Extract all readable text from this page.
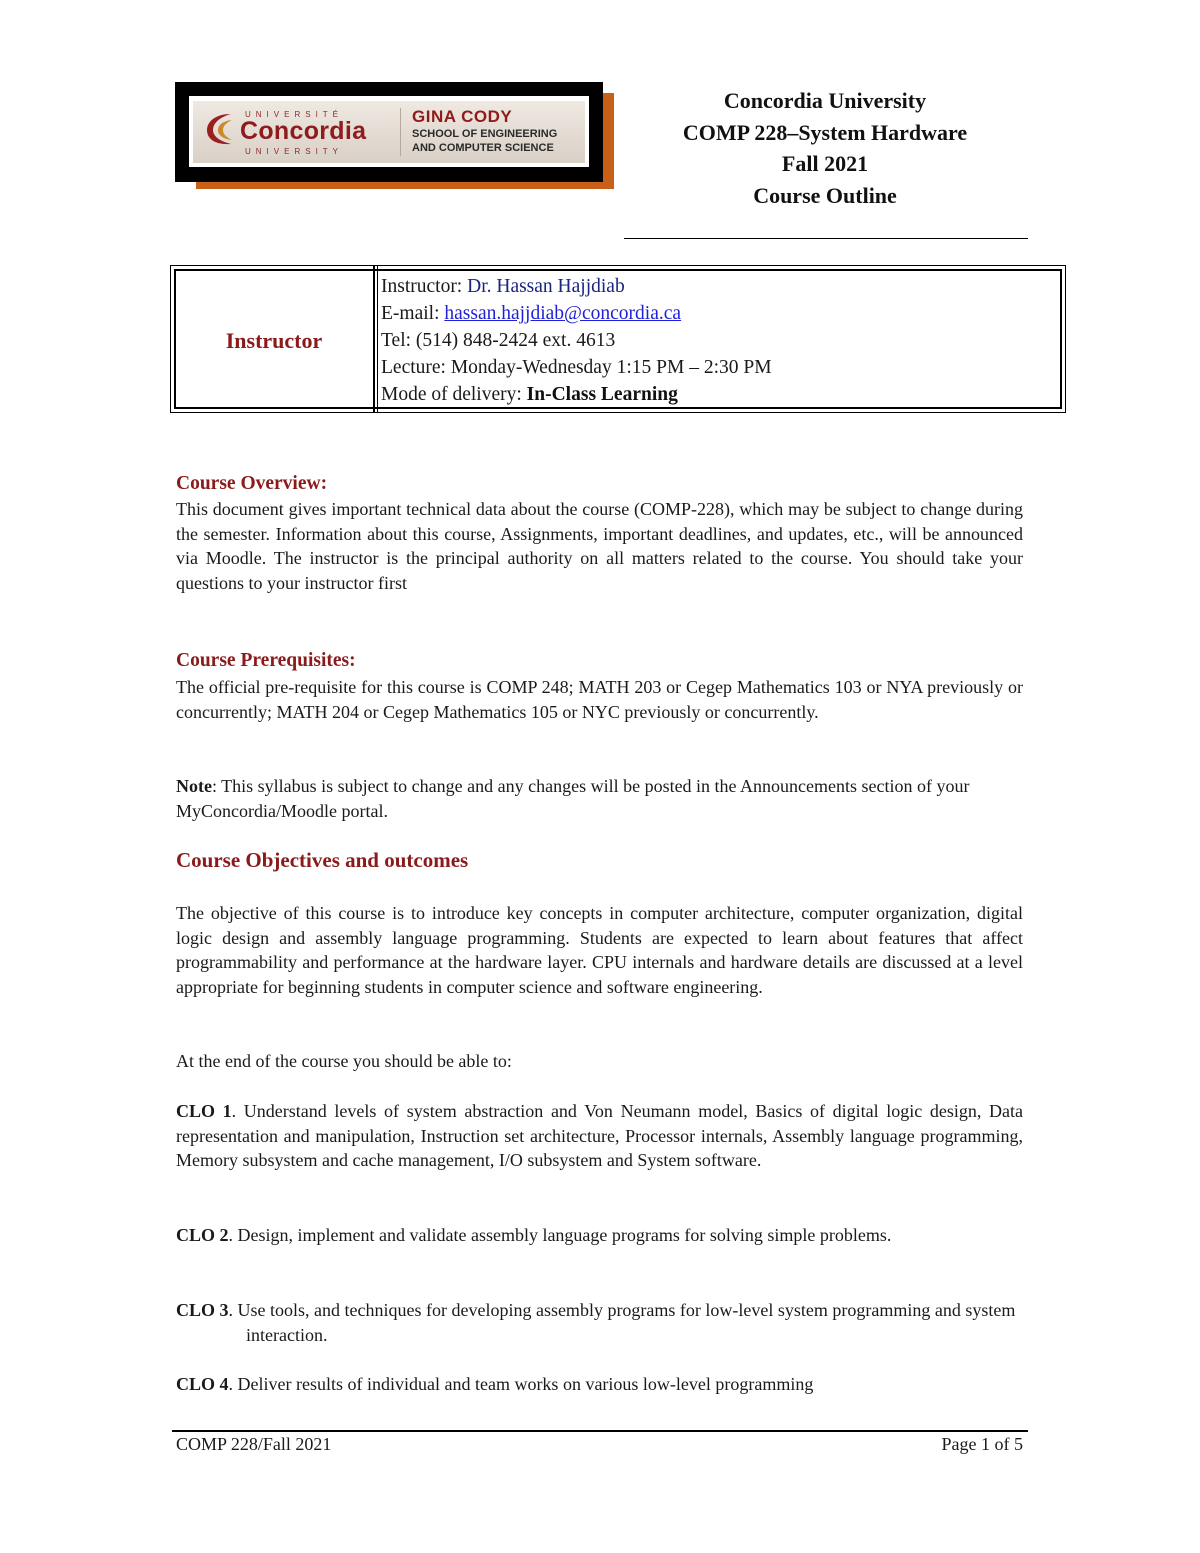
UNIVERSITÉ
Concordia
UNIVERSITY
GINA CODY
SCHOOL OF ENGINEERING
AND COMPUTER SCIENCE
Concordia University
COMP 228–System Hardware
Fall 2021
Course Outline
Instructor
Instructor: Dr. Hassan Hajjdiab
E-mail: hassan.hajjdiab@concordia.ca
Tel: (514) 848-2424 ext. 4613
Lecture: Monday-Wednesday 1:15 PM – 2:30 PM
Mode of delivery: In-Class Learning
Course Overview:
This document gives important technical data about the course (COMP-228), which may be subject to change during the semester. Information about this course, Assignments, important deadlines, and updates, etc., will be announced via Moodle. The instructor is the principal authority on all matters related to the course. You should take your questions to your instructor first
Course Prerequisites:
The official pre-requisite for this course is COMP 248; MATH 203 or Cegep Mathematics 103 or NYA previously or concurrently; MATH 204 or Cegep Mathematics 105 or NYC previously or concurrently.
Note: This syllabus is subject to change and any changes will be posted in the Announcements section of your MyConcordia/Moodle portal.
Course Objectives and outcomes
The objective of this course is to introduce key concepts in computer architecture, computer organization, digital logic design and assembly language programming. Students are expected to learn about features that affect programmability and performance at the hardware layer. CPU internals and hardware details are discussed at a level appropriate for beginning students in computer science and software engineering.
At the end of the course you should be able to:
CLO 1. Understand levels of system abstraction and Von Neumann model, Basics of digital logic design, Data representation and manipulation, Instruction set architecture, Processor internals, Assembly language programming, Memory subsystem and cache management, I/O subsystem and System software.
CLO 2. Design, implement and validate assembly language programs for solving simple problems.
CLO 3. Use tools, and techniques for developing assembly programs for low-level system programming and system interaction.
CLO 4. Deliver results of individual and team works on various low-level programming
COMP 228/Fall 2021	Page 1 of 5
